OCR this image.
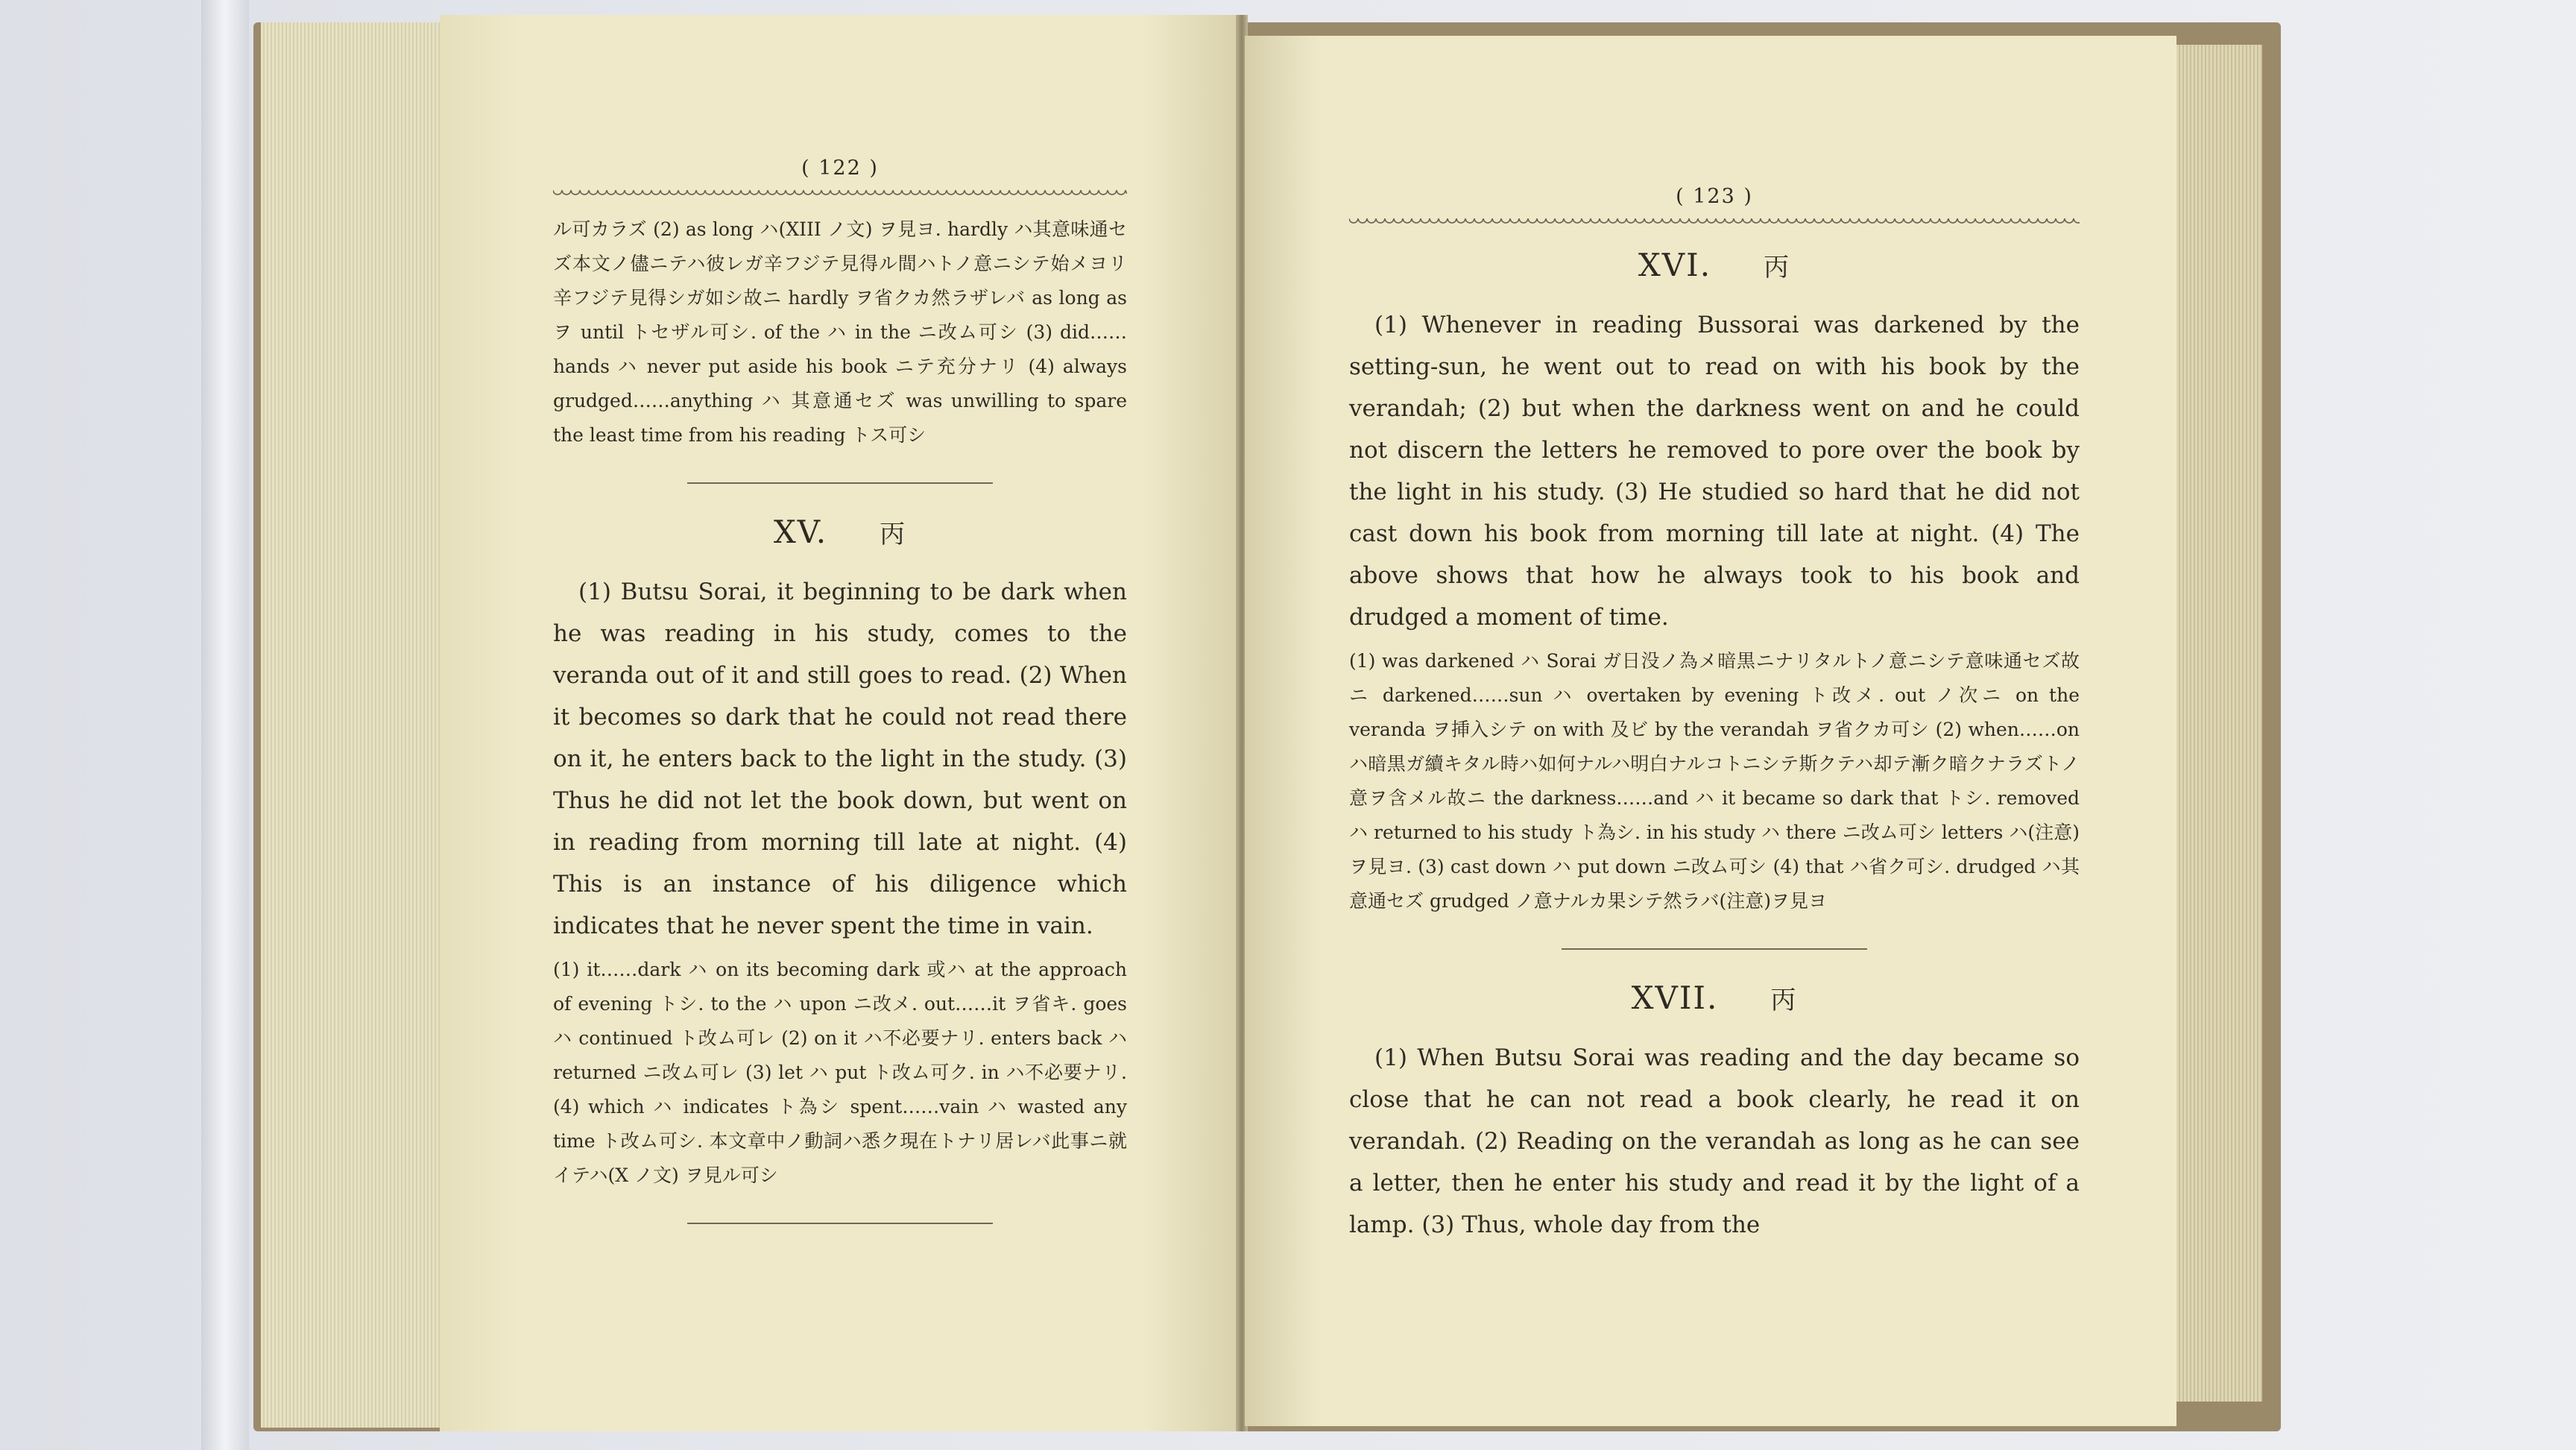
( 122 )

ル可カラズ (2) as long ハ(XIII ノ文) ヲ見ヨ. hardly ハ其意味通セズ本文ノ儘ニテハ彼レガ辛フジテ見得ル間ハトノ意ニシテ始メヨリ辛フジテ見得シガ如シ故ニ hardly ヲ省クカ然ラザレバ as long as ヲ until トセザル可シ. of the ハ in the ニ改ム可シ (3) did……hands ハ never put aside his book ニテ充分ナリ (4) always grudged……anything ハ 其意通セズ was unwilling to spare the least time from his reading トス可シ

XV. 丙

(1) Butsu Sorai, it beginning to be dark when he was reading in his study, comes to the veranda out of it and still goes to read. (2) When it becomes so dark that he could not read there on it, he enters back to the light in the study. (3) Thus he did not let the book down, but went on in reading from morning till late at night. (4) This is an instance of his diligence which indicates that he never spent the time in vain.

(1) it……dark ハ on its becoming dark 或ハ at the approach of evening トシ. to the ハ upon ニ改メ. out……it ヲ省キ. goes ハ continued ト改ム可レ (2) on it ハ不必要ナリ. enters back ハ returned ニ改ム可レ (3) let ハ put ト改ム可ク. in ハ不必要ナリ. (4) which ハ indicates ト為シ spent……vain ハ wasted any time ト改ム可シ. 本文章中ノ動詞ハ悉ク現在トナリ居レバ此事ニ就イテハ(X ノ文) ヲ見ル可シ

( 123 )
XVI. 丙

(1) Whenever in reading Bussorai was darkened by the setting-sun, he went out to read on with his book by the verandah; (2) but when the darkness went on and he could not discern the letters he removed to pore over the book by the light in his study. (3) He studied so hard that he did not cast down his book from morning till late at night. (4) The above shows that how he always took to his book and drudged a moment of time.

(1) was darkened ハ Sorai ガ日没ノ為メ暗黒ニナリタルトノ意ニシテ意味通セズ故ニ darkened……sun ハ overtaken by evening ト改メ. out ノ次ニ on the veranda ヲ挿入シテ on with 及ビ by the verandah ヲ省クカ可シ (2) when……on ハ暗黒ガ續キタル時ハ如何ナルハ明白ナルコトニシテ斯クテハ却テ漸ク暗クナラズトノ意ヲ含メル故ニ the darkness……and ハ it became so dark that トシ. removed ハ returned to his study ト為シ. in his study ハ there ニ改ム可シ letters ハ(注意)ヲ見ヨ. (3) cast down ハ put down ニ改ム可シ (4) that ハ省ク可シ. drudged ハ其意通セズ grudged ノ意ナルカ果シテ然ラバ(注意)ヲ見ヨ

XVII. 丙

(1) When Butsu Sorai was reading and the day became so close that he can not read a book clearly, he read it on verandah. (2) Reading on the verandah as long as he can see a letter, then he enter his study and read it by the light of a lamp. (3) Thus, whole day from the
